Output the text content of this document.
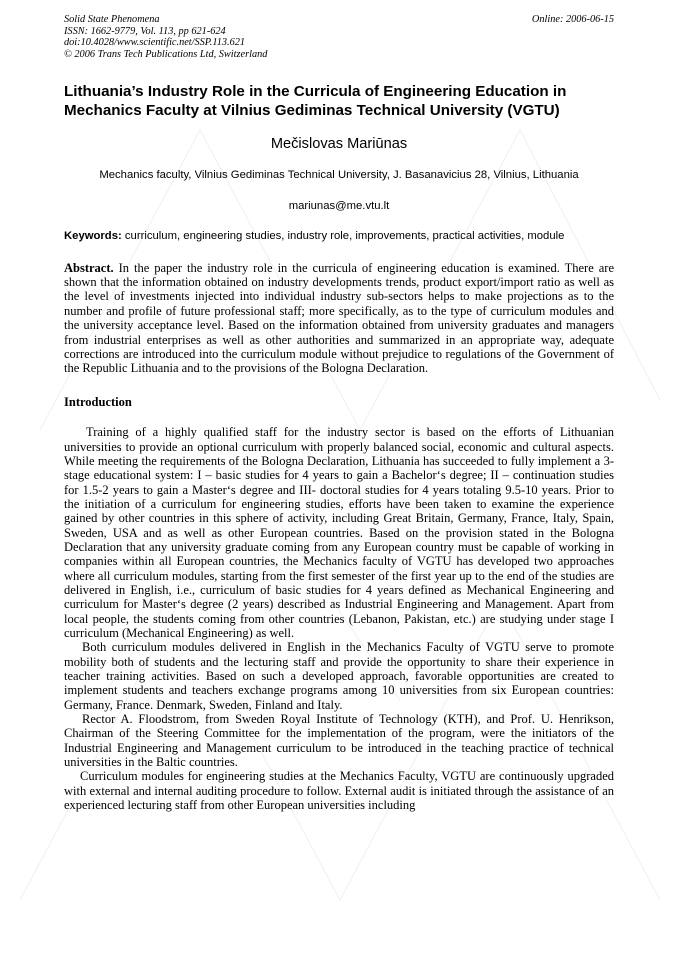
Solid State Phenomena
ISSN: 1662-9779, Vol. 113, pp 621-624
doi:10.4028/www.scientific.net/SSP.113.621
© 2006 Trans Tech Publications Ltd, Switzerland
Online: 2006-06-15
Lithuania’s Industry Role in the Curricula of Engineering Education in
Mechanics Faculty at Vilnius Gediminas Technical University (VGTU)
Mečislovas Mariūnas
Mechanics faculty, Vilnius Gediminas Technical University, J. Basanavicius 28, Vilnius, Lithuania
mariunas@me.vtu.lt
Keywords: curriculum, engineering studies, industry role, improvements, practical activities, module
Abstract. In the paper the industry role in the curricula of engineering education is examined. There are shown that the information obtained on industry developments trends, product export/import ratio as well as the level of investments injected into individual industry sub-sectors helps to make projections as to the number and profile of future professional staff; more specifically, as to the type of curriculum modules and the university acceptance level. Based on the information obtained from university graduates and managers from industrial enterprises as well as other authorities and summarized in an appropriate way, adequate corrections are introduced into the curriculum module without prejudice to regulations of the Government of the Republic Lithuania and to the provisions of the Bologna Declaration.
Introduction

Training of a highly qualified staff for the industry sector is based on the efforts of Lithuanian universities to provide an optional curriculum with properly balanced social, economic and cultural aspects. While meeting the requirements of the Bologna Declaration, Lithuania has succeeded to fully implement a 3-stage educational system: I – basic studies for 4 years to gain a Bachelor‘s degree; II – continuation studies for 1.5-2 years to gain a Master‘s degree and III- doctoral studies for 4 years totaling 9.5-10 years. Prior to the initiation of a curriculum for engineering studies, efforts have been taken to examine the experience gained by other countries in this sphere of activity, including Great Britain, Germany, France, Italy, Spain, Sweden, USA and as well as other European countries. Based on the provision stated in the Bologna Declaration that any university graduate coming from any European country must be capable of working in companies within all European countries, the Mechanics faculty of VGTU has developed two approaches where all curriculum modules, starting from the first semester of the first year up to the end of the studies are delivered in English, i.e., curriculum of basic studies for 4 years defined as Mechanical Engineering and curriculum for Master‘s degree (2 years) described as Industrial Engineering and Management. Apart from local people, the students coming from other countries (Lebanon, Pakistan, etc.) are studying under stage I curriculum (Mechanical Engineering) as well.

Both curriculum modules delivered in English in the Mechanics Faculty of VGTU serve to promote mobility both of students and the lecturing staff and provide the opportunity to share their experience in teacher training activities. Based on such a developed approach, favorable opportunities are created to implement students and teachers exchange programs among 10 universities from six European countries: Germany, France. Denmark, Sweden, Finland and Italy.

Rector A. Floodstrom, from Sweden Royal Institute of Technology (KTH), and Prof. U. Henrikson, Chairman of the Steering Committee for the implementation of the program, were the initiators of the Industrial Engineering and Management curriculum to be introduced in the teaching practice of technical universities in the Baltic countries.

Curriculum modules for engineering studies at the Mechanics Faculty, VGTU are continuously upgraded with external and internal auditing procedure to follow. External audit is initiated through the assistance of an experienced lecturing staff from other European universities including
